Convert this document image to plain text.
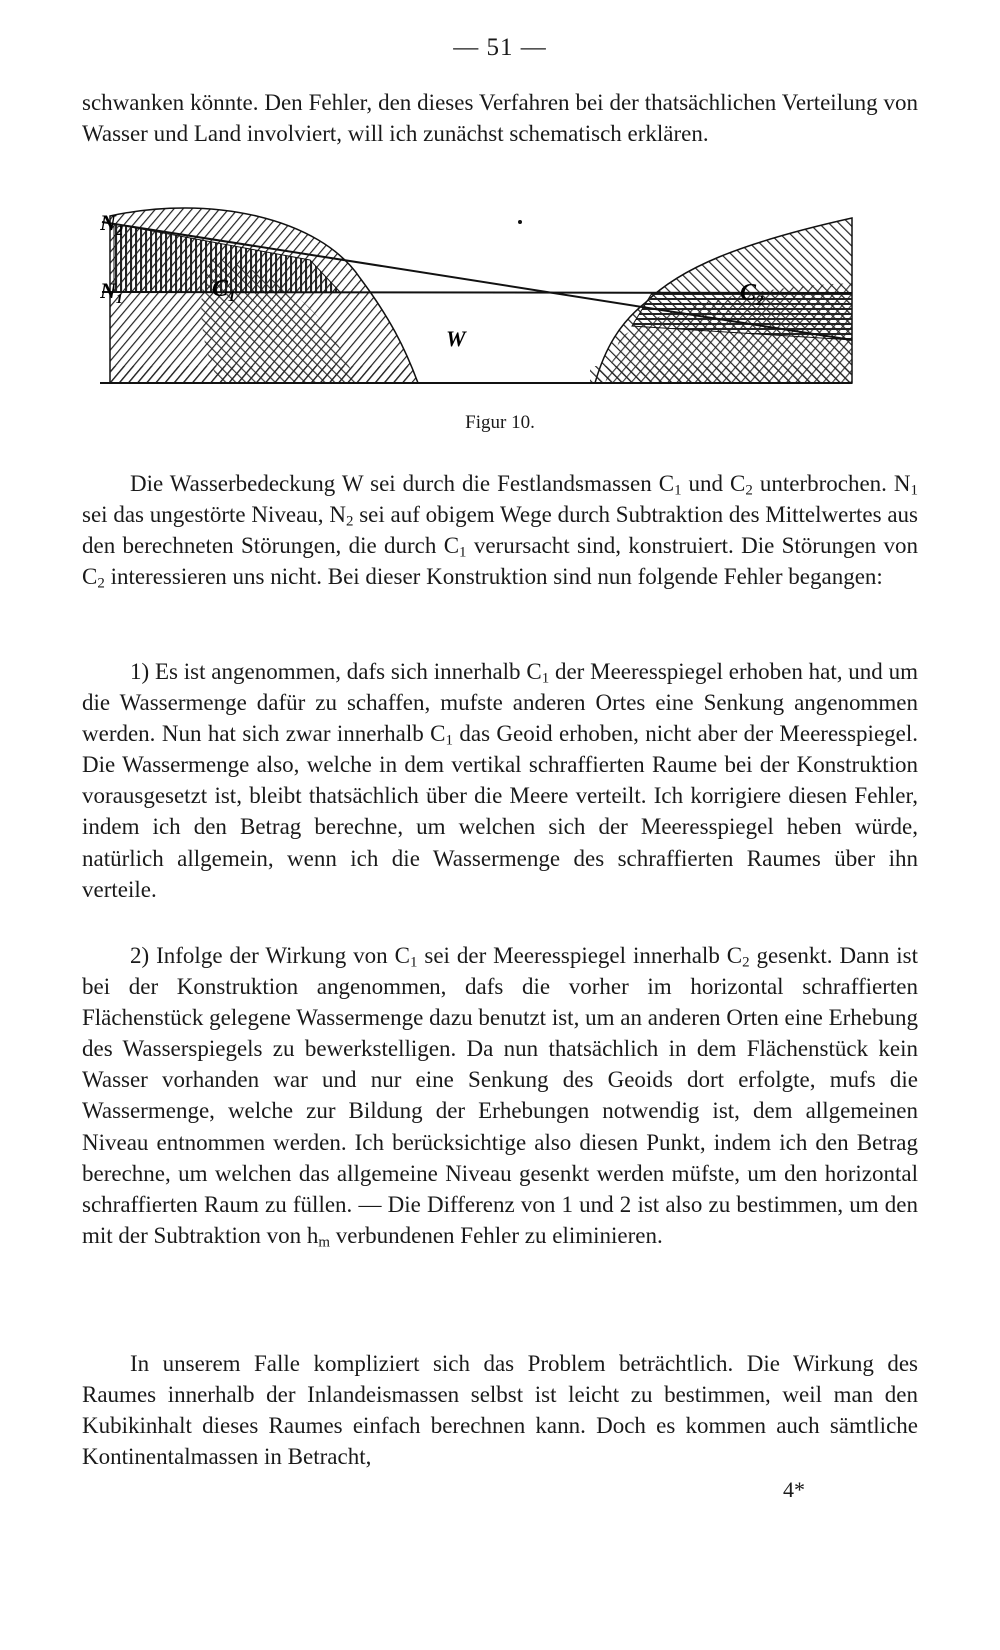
— 51 —

schwanken könnte. Den Fehler, den dieses Verfahren bei der thatsächlichen Verteilung von Wasser und Land involviert, will ich zunächst schematisch erklären.

$N_2$
$N_1$	$C_1$	$C_2$
W
Figur 10.

Die Wasserbedeckung W sei durch die Festlandsmassen $C_1$ und $C_2$ unterbrochen. $N_1$ sei das ungestörte Niveau, $N_2$ sei auf obigem Wege durch Subtraktion des Mittelwertes aus den berechneten Störungen, die durch $C_1$ verursacht sind, konstruiert. Die Störungen von $C_2$ interessieren uns nicht. Bei dieser Konstruktion sind nun folgende Fehler begangen:

1) Es ist angenommen, dafs sich innerhalb $C_1$ der Meeresspiegel erhoben hat, und um die Wassermenge dafür zu schaffen, mufste anderen Ortes eine Senkung angenommen werden. Nun hat sich zwar innerhalb $C_1$ das Geoid erhoben, nicht aber der Meeresspiegel. Die Wassermenge also, welche in dem vertikal schraffierten Raume bei der Konstruktion vorausgesetzt ist, bleibt thatsächlich über die Meere verteilt. Ich korrigiere diesen Fehler, indem ich den Betrag berechne, um welchen sich der Meeresspiegel heben würde, natürlich allgemein, wenn ich die Wassermenge des schraffierten Raumes über ihn verteile.

2) Infolge der Wirkung von $C_1$ sei der Meeresspiegel innerhalb $C_2$ gesenkt. Dann ist bei der Konstruktion angenommen, dafs die vorher im horizontal schraffierten Flächenstück gelegene Wassermenge dazu benutzt ist, um an anderen Orten eine Erhebung des Wasserspiegels zu bewerkstelligen. Da nun thatsächlich in dem Flächenstück kein Wasser vorhanden war und nur eine Senkung des Geoids dort erfolgte, mufs die Wassermenge, welche zur Bildung der Erhebungen notwendig ist, dem allgemeinen Niveau entnommen werden. Ich berücksichtige also diesen Punkt, indem ich den Betrag berechne, um welchen das allgemeine Niveau gesenkt werden müfste, um den horizontal schraffierten Raum zu füllen. — Die Differenz von 1 und 2 ist also zu bestimmen, um den mit der Subtraktion von $h_m$ verbundenen Fehler zu eliminieren.

In unserem Falle kompliziert sich das Problem beträchtlich. Die Wirkung des Raumes innerhalb der Inlandeismassen selbst ist leicht zu bestimmen, weil man den Kubikinhalt dieses Raumes einfach berechnen kann. Doch es kommen auch sämtliche Kontinentalmassen in Betracht,

4*
